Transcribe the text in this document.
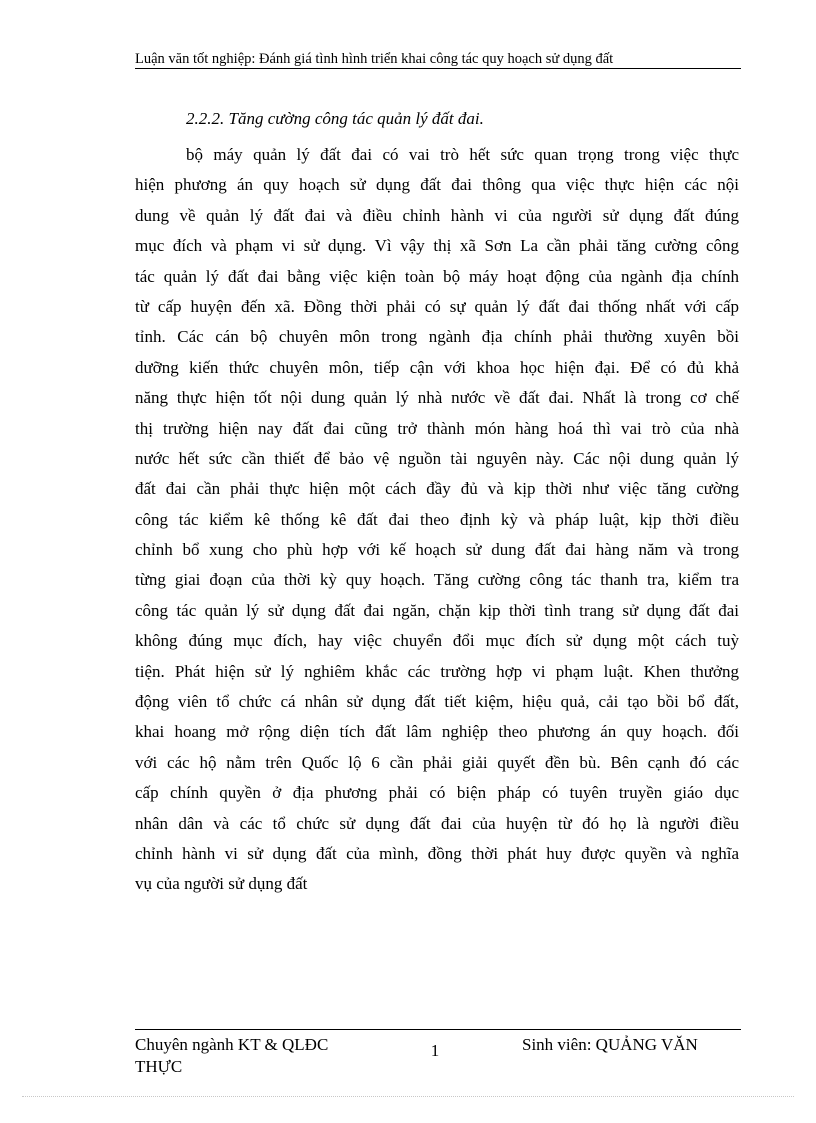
Luận văn tốt nghiệp: Đánh giá tình hình triển khai công tác quy hoạch sử dụng đất
2.2.2. Tăng cường công tác quản lý đất đai.
bộ máy quản lý đất đai có vai trò hết sức quan trọng trong việc thực
hiện phương án quy hoạch sử dụng đất đai thông qua việc thực hiện các nội
dung về quản lý đất đai và điều chỉnh hành vi của người sử dụng đất đúng
mục đích và phạm vi sử dụng. Vì vậy thị xã Sơn La cần phải tăng cường công
tác quản lý đất đai bằng việc kiện toàn bộ máy hoạt động của ngành địa chính
từ cấp huyện đến xã. Đồng thời phải có sự quản lý đất đai thống nhất với cấp
tỉnh. Các cán bộ chuyên môn trong ngành địa chính phải thường xuyên bồi
dưỡng kiến thức chuyên môn, tiếp cận với khoa học hiện đại. Để có đủ khả
năng thực hiện tốt nội dung quản lý nhà nước về đất đai. Nhất là trong cơ chế
thị trường hiện nay đất đai cũng trở thành món hàng hoá thì vai trò của nhà
nước hết sức cần thiết để bảo vệ nguồn tài nguyên này. Các nội dung quản lý
đất đai cần phải thực hiện một cách đầy đủ và kịp thời như việc tăng cường
công tác kiểm kê thống kê đất đai theo định kỳ và pháp luật, kịp thời điều
chỉnh bổ xung cho phù hợp với kế hoạch sử dung đất đai hàng năm và trong
từng giai đoạn của thời kỳ quy hoạch. Tăng cường công tác thanh tra, kiểm tra
công tác quản lý sử dụng đất đai ngăn, chặn kịp thời tình trang sử dụng đất đai
không đúng mục đích, hay việc chuyển đổi mục đích sử dụng một cách tuỳ
tiện. Phát hiện sử lý nghiêm khắc các trường hợp vi phạm luật. Khen thưởng
động viên tổ chức cá nhân sử dụng đất tiết kiệm, hiệu quả, cải tạo bồi bổ đất,
khai hoang mở rộng diện tích đất lâm nghiệp theo phương án quy hoạch. đối
với các hộ nằm trên Quốc lộ 6 cần phải giải quyết đền bù. Bên cạnh đó các
cấp chính quyền ở địa phương phải có biện pháp có tuyên truyền giáo dục
nhân dân và các tổ chức sử dụng đất đai của huyện từ đó họ là người điều
chỉnh hành vi sử dụng đất của mình, đồng thời phát huy được quyền và nghĩa
vụ của người sử dụng đất
Chuyên ngành KT & QLĐC
THỰC
1	Sinh viên: QUẢNG VĂN
